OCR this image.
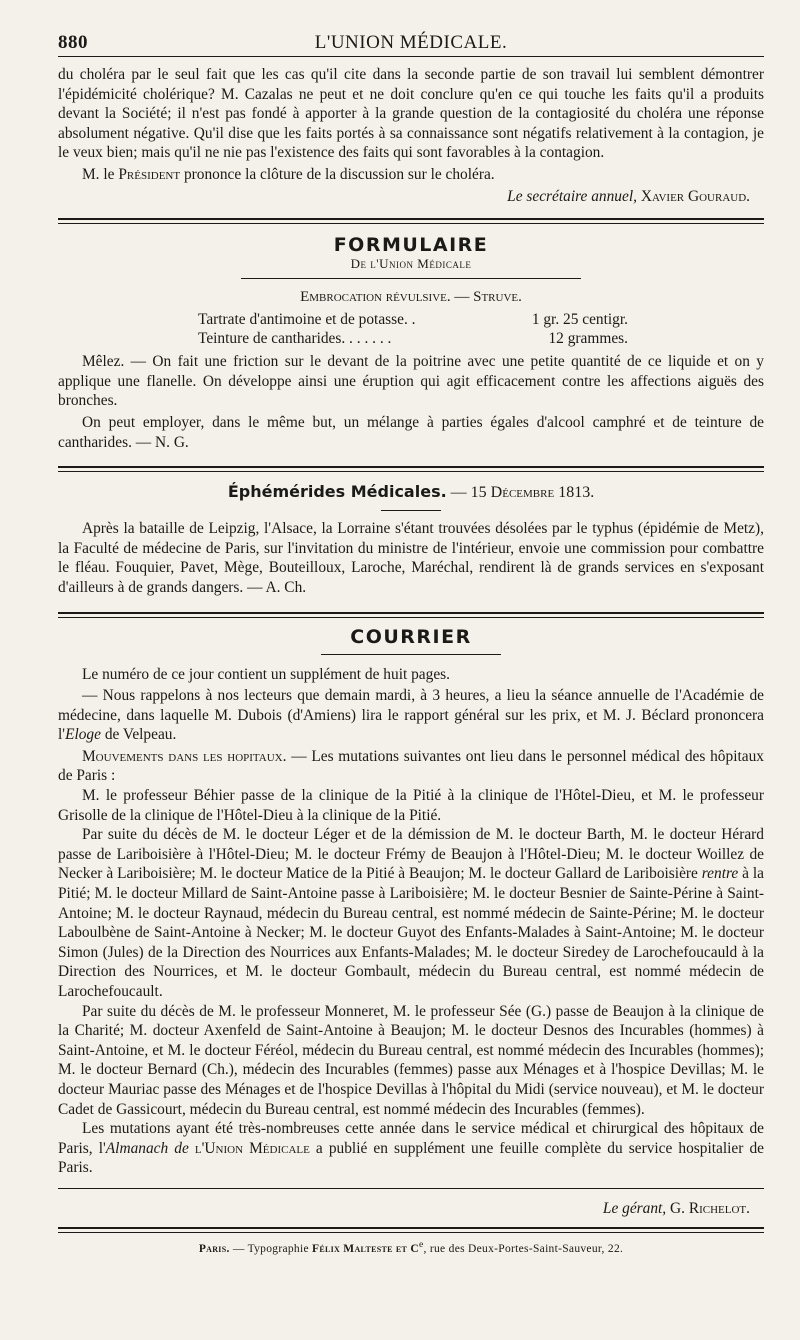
880	L'UNION MÉDICALE.

du choléra par le seul fait que les cas qu'il cite dans la seconde partie de son travail lui semblent démontrer l'épidémicité cholérique? M. Cazalas ne peut et ne doit conclure qu'en ce qui touche les faits qu'il a produits devant la Société; il n'est pas fondé à apporter à la grande question de la contagiosité du choléra une réponse absolument négative. Qu'il dise que les faits portés à sa connaissance sont négatifs relativement à la contagion, je le veux bien; mais qu'il ne nie pas l'existence des faits qui sont favorables à la contagion.

M. le Président prononce la clôture de la discussion sur le choléra.

Le secrétaire annuel, Xavier Gouraud.

FORMULAIRE
De l'Union Médicale
Embrocation révulsive. — Struve.
Tartrate d'antimoine et de potasse. .	1 gr. 25 centigr.
Teinture de cantharides. . . . . . .	12 grammes.

Mêlez. — On fait une friction sur le devant de la poitrine avec une petite quantité de ce liquide et on y applique une flanelle. On développe ainsi une éruption qui agit efficacement contre les affections aiguës des bronches.

On peut employer, dans le même but, un mélange à parties égales d'alcool camphré et de teinture de cantharides. — N. G.

Éphémérides Médicales. — 15 Décembre 1813.

Après la bataille de Leipzig, l'Alsace, la Lorraine s'étant trouvées désolées par le typhus (épidémie de Metz), la Faculté de médecine de Paris, sur l'invitation du ministre de l'intérieur, envoie une commission pour combattre le fléau. Fouquier, Pavet, Mège, Bouteilloux, Laroche, Maréchal, rendirent là de grands services en s'exposant d'ailleurs à de grands dangers. — A. Ch.

COURRIER

Le numéro de ce jour contient un supplément de huit pages.

— Nous rappelons à nos lecteurs que demain mardi, à 3 heures, a lieu la séance annuelle de l'Académie de médecine, dans laquelle M. Dubois (d'Amiens) lira le rapport général sur les prix, et M. J. Béclard prononcera l'Eloge de Velpeau.

Mouvements dans les hopitaux. — Les mutations suivantes ont lieu dans le personnel médical des hôpitaux de Paris :

M. le professeur Béhier passe de la clinique de la Pitié à la clinique de l'Hôtel-Dieu, et M. le professeur Grisolle de la clinique de l'Hôtel-Dieu à la clinique de la Pitié.

Par suite du décès de M. le docteur Léger et de la démission de M. le docteur Barth, M. le docteur Hérard passe de Lariboisière à l'Hôtel-Dieu; M. le docteur Frémy de Beaujon à l'Hôtel-Dieu; M. le docteur Woillez de Necker à Lariboisière; M. le docteur Matice de la Pitié à Beaujon; M. le docteur Gallard de Lariboisière rentre à la Pitié; M. le docteur Millard de Saint-Antoine passe à Lariboisière; M. le docteur Besnier de Sainte-Périne à Saint-Antoine; M. le docteur Raynaud, médecin du Bureau central, est nommé médecin de Sainte-Périne; M. le docteur Laboulbène de Saint-Antoine à Necker; M. le docteur Guyot des Enfants-Malades à Saint-Antoine; M. le docteur Simon (Jules) de la Direction des Nourrices aux Enfants-Malades; M. le docteur Siredey de Larochefoucauld à la Direction des Nourrices, et M. le docteur Gombault, médecin du Bureau central, est nommé médecin de Larochefoucault.

Par suite du décès de M. le professeur Monneret, M. le professeur Sée (G.) passe de Beaujon à la clinique de la Charité; M. docteur Axenfeld de Saint-Antoine à Beaujon; M. le docteur Desnos des Incurables (hommes) à Saint-Antoine, et M. le docteur Féréol, médecin du Bureau central, est nommé médecin des Incurables (hommes); M. le docteur Bernard (Ch.), médecin des Incurables (femmes) passe aux Ménages et à l'hospice Devillas; M. le docteur Mauriac passe des Ménages et de l'hospice Devillas à l'hôpital du Midi (service nouveau), et M. le docteur Cadet de Gassicourt, médecin du Bureau central, est nommé médecin des Incurables (femmes).

Les mutations ayant été très-nombreuses cette année dans le service médical et chirurgical des hôpitaux de Paris, l'Almanach de l'Union Médicale a publié en supplément une feuille complète du service hospitalier de Paris.

Le gérant, G. Richelot.

Paris. — Typographie Félix Malteste et Ce, rue des Deux-Portes-Saint-Sauveur, 22.
